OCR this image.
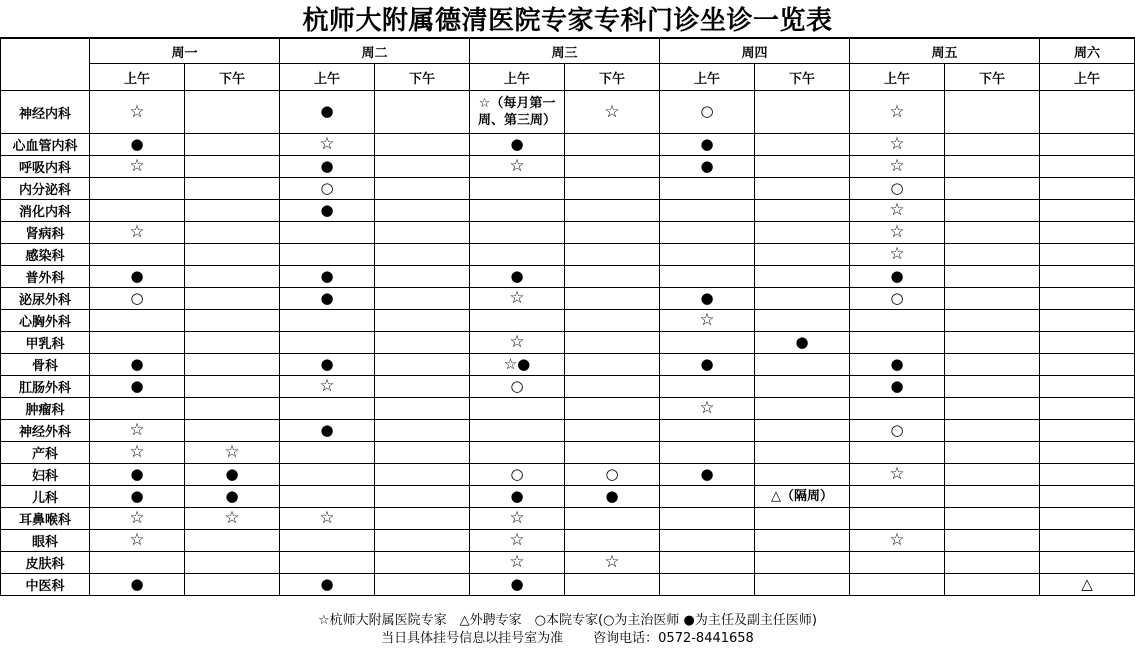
杭师大附属德清医院专家专科门诊坐诊一览表
	周一		周二		周三		周四		周五		周六
	上午	下午	上午	下午	上午	下午	上午	下午	上午	下午	上午
神经内科	☆		●		☆（每月第一周、第三周）	☆	○		☆		
心血管内科	●		☆		●		●		☆		
呼吸内科	☆		●		☆		●		☆		
内分泌科			○						○		
消化内科			●						☆		
肾病科	☆								☆		
感染科									☆		
普外科	●		●		●				●		
泌尿外科	○		●		☆		●		○		
心胸外科							☆				
甲乳科					☆			●			
骨科	●		●		☆●		●		●		
肛肠外科	●		☆		○				●		
肿瘤科							☆				
神经外科	☆		●						○		
产科	☆	☆									
妇科	●	●			○	○	●		☆		
儿科	●	●			●	●		△（隔周）			
耳鼻喉科	☆	☆	☆		☆						
眼科	☆				☆				☆		
皮肤科					☆	☆					
中医科	●		●		●						△
☆杭师大附属医院专家　△外聘专家　○本院专家(○为主治医师 ●为主任及副主任医师)
当日具体挂号信息以挂号室为准 咨询电话：0572-8441658
